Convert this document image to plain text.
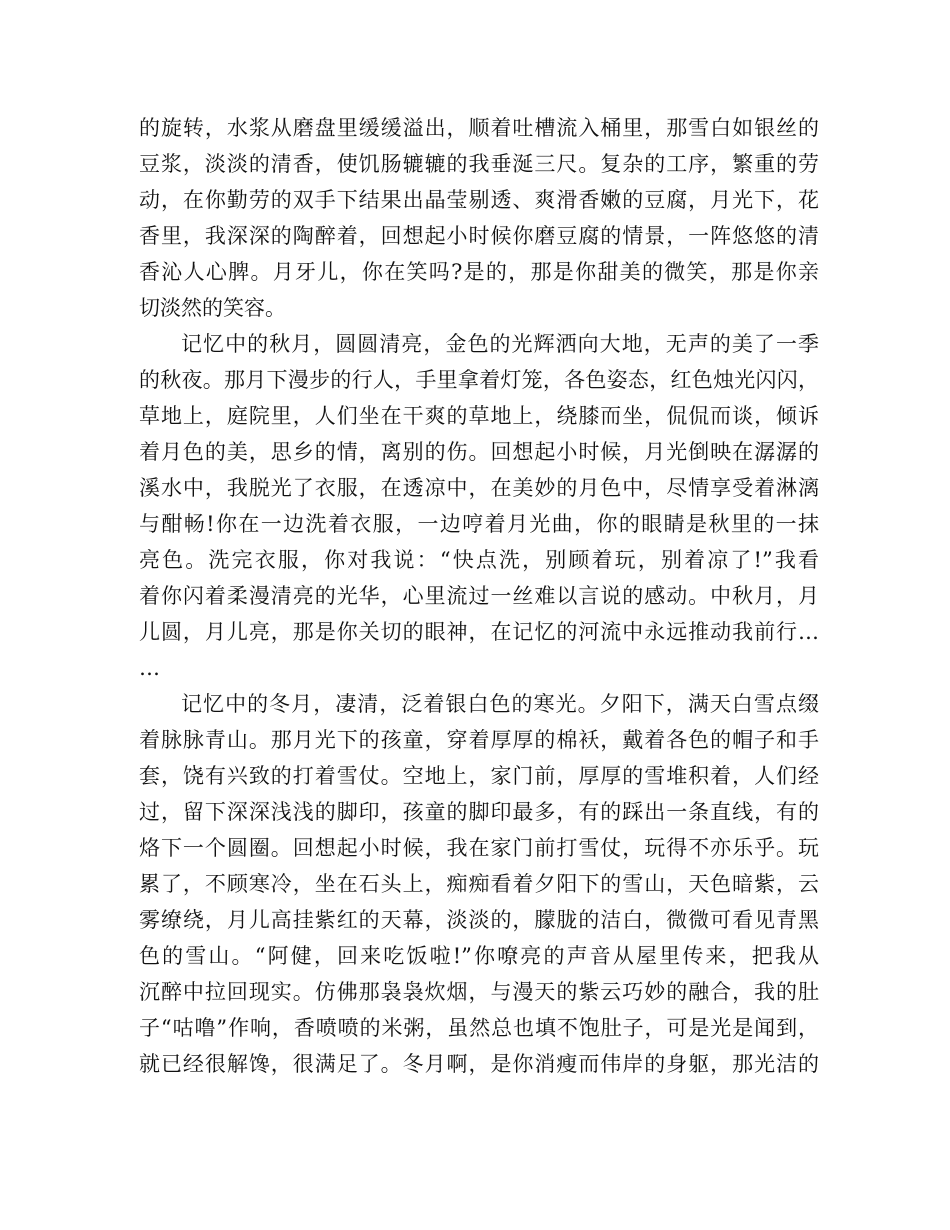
的旋转，水浆从磨盘里缓缓溢出，顺着吐槽流入桶里，那雪白如银丝的
豆浆，淡淡的清香，使饥肠辘辘的我垂涎三尺。复杂的工序，繁重的劳
动，在你勤劳的双手下结果出晶莹剔透、爽滑香嫩的豆腐，月光下，花
香里，我深深的陶醉着，回想起小时候你磨豆腐的情景，一阵悠悠的清
香沁人心脾。月牙儿，你在笑吗?是的，那是你甜美的微笑，那是你亲
切淡然的笑容。
记忆中的秋月，圆圆清亮，金色的光辉洒向大地，无声的美了一季
的秋夜。那月下漫步的行人，手里拿着灯笼，各色姿态，红色烛光闪闪，
草地上，庭院里，人们坐在干爽的草地上，绕膝而坐，侃侃而谈，倾诉
着月色的美，思乡的情，离别的伤。回想起小时候，月光倒映在潺潺的
溪水中，我脱光了衣服，在透凉中，在美妙的月色中，尽情享受着淋漓
与酣畅!你在一边洗着衣服，一边哼着月光曲，你的眼睛是秋里的一抹
亮色。洗完衣服，你对我说：“快点洗，别顾着玩，别着凉了!”我看
着你闪着柔漫清亮的光华，心里流过一丝难以言说的感动。中秋月，月
儿圆，月儿亮，那是你关切的眼神，在记忆的河流中永远推动我前行…
…
记忆中的冬月，凄清，泛着银白色的寒光。夕阳下，满天白雪点缀
着脉脉青山。那月光下的孩童，穿着厚厚的棉袄，戴着各色的帽子和手
套，饶有兴致的打着雪仗。空地上，家门前，厚厚的雪堆积着，人们经
过，留下深深浅浅的脚印，孩童的脚印最多，有的踩出一条直线，有的
烙下一个圆圈。回想起小时候，我在家门前打雪仗，玩得不亦乐乎。玩
累了，不顾寒冷，坐在石头上，痴痴看着夕阳下的雪山，天色暗紫，云
雾缭绕，月儿高挂紫红的天幕，淡淡的，朦胧的洁白，微微可看见青黑
色的雪山。“阿健，回来吃饭啦!”你嘹亮的声音从屋里传来，把我从
沉醉中拉回现实。仿佛那袅袅炊烟，与漫天的紫云巧妙的融合，我的肚
子“咕噜”作响，香喷喷的米粥，虽然总也填不饱肚子，可是光是闻到，
就已经很解馋，很满足了。冬月啊，是你消瘦而伟岸的身躯，那光洁的
